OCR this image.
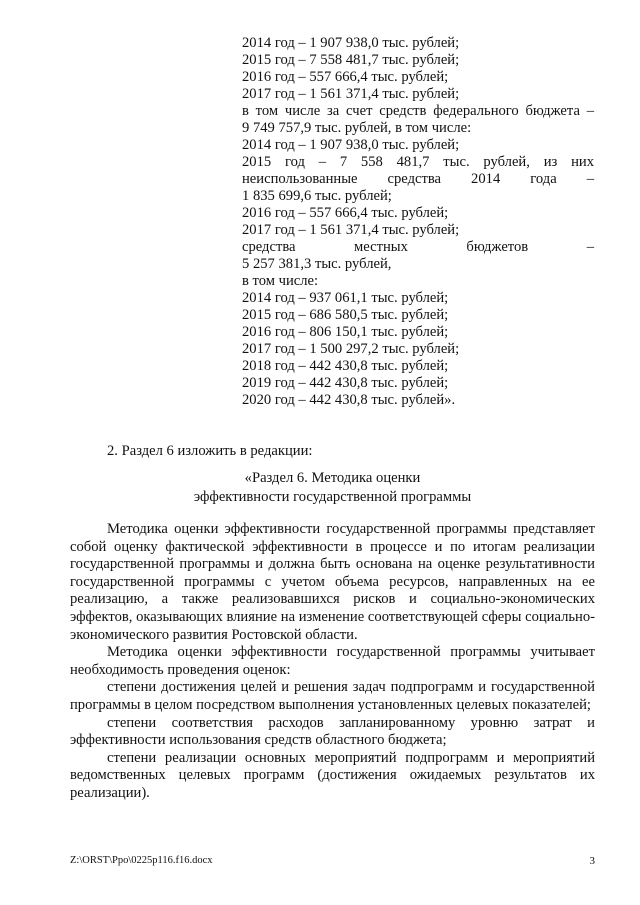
2014 год – 1 907 938,0 тыс. рублей;
2015 год – 7 558 481,7 тыс. рублей;
2016 год – 557 666,4 тыс. рублей;
2017 год – 1 561 371,4 тыс. рублей;
в том числе за счет средств федерального бюджета –
9 749 757,9 тыс. рублей, в том числе:
2014 год – 1 907 938,0 тыс. рублей;
2015 год – 7 558 481,7 тыс. рублей, из них
неиспользованные средства 2014 года –
1 835 699,6 тыс. рублей;
2016 год – 557 666,4 тыс. рублей;
2017 год – 1 561 371,4 тыс. рублей;
средства местных бюджетов –
5 257 381,3 тыс. рублей,
в том числе:
2014 год – 937 061,1 тыс. рублей;
2015 год – 686 580,5 тыс. рублей;
2016 год – 806 150,1 тыс. рублей;
2017 год – 1 500 297,2 тыс. рублей;
2018 год – 442 430,8 тыс. рублей;
2019 год – 442 430,8 тыс. рублей;
2020 год – 442 430,8 тыс. рублей».
2. Раздел 6 изложить в редакции:
«Раздел 6. Методика оценки
эффективности государственной программы

Методика оценки эффективности государственной программы представляет собой оценку фактической эффективности в процессе и по итогам реализации государственной программы и должна быть основана на оценке результативности государственной программы с учетом объема ресурсов, направленных на ее реализацию, а также реализовавшихся рисков и социально-экономических эффектов, оказывающих влияние на изменение соответствующей сферы социально-экономического развития Ростовской области.

Методика оценки эффективности государственной программы учитывает необходимость проведения оценок:

степени достижения целей и решения задач подпрограмм и государственной программы в целом посредством выполнения установленных целевых показателей;

степени соответствия расходов запланированному уровню затрат и эффективности использования средств областного бюджета;

степени реализации основных мероприятий подпрограмм и мероприятий ведомственных целевых программ (достижения ожидаемых результатов их реализации).

Z:\ORST\Ppo\0225p116.f16.docx	3
